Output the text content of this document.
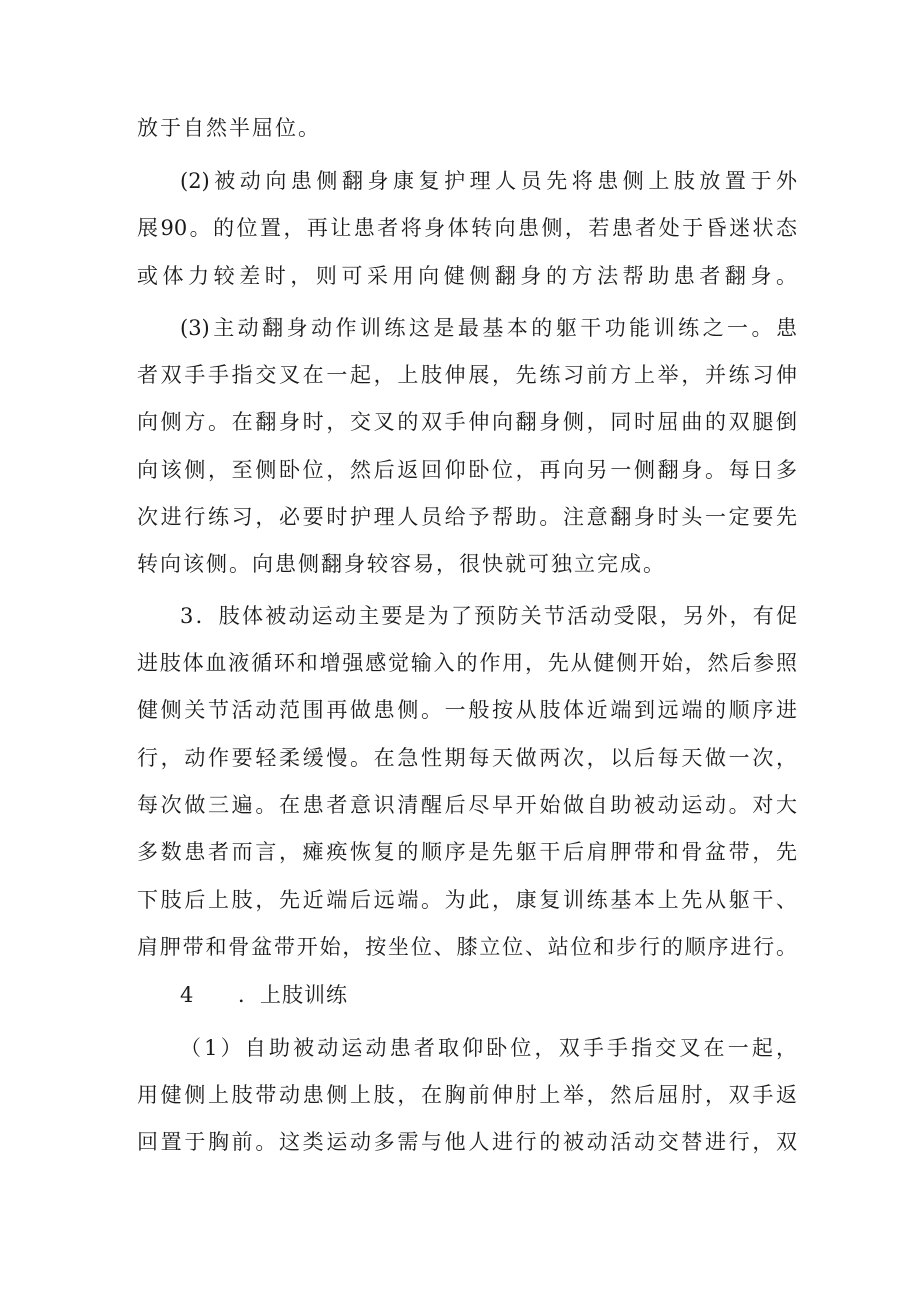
放于自然半屈位。
(2)被动向患侧翻身康复护理人员先将患侧上肢放置于外
展90。的位置，再让患者将身体转向患侧，若患者处于昏迷状态
或体力较差时，则可采用向健侧翻身的方法帮助患者翻身。
(3)主动翻身动作训练这是最基本的躯干功能训练之一。患
者双手手指交叉在一起，上肢伸展，先练习前方上举，并练习伸
向侧方。在翻身时，交叉的双手伸向翻身侧，同时屈曲的双腿倒
向该侧，至侧卧位，然后返回仰卧位，再向另一侧翻身。每日多
次进行练习，必要时护理人员给予帮助。注意翻身时头一定要先
转向该侧。向患侧翻身较容易，很快就可独立完成。
3．肢体被动运动主要是为了预防关节活动受限，另外，有促
进肢体血液循环和增强感觉输入的作用，先从健侧开始，然后参照
健侧关节活动范围再做患侧。一般按从肢体近端到远端的顺序进
行，动作要轻柔缓慢。在急性期每天做两次，以后每天做一次，
每次做三遍。在患者意识清醒后尽早开始做自助被动运动。对大
多数患者而言，瘫痪恢复的顺序是先躯干后肩胛带和骨盆带，先
下肢后上肢，先近端后远端。为此，康复训练基本上先从躯干、
肩胛带和骨盆带开始，按坐位、膝立位、站位和步行的顺序进行。
4 ．上肢训练
（1）自助被动运动患者取仰卧位，双手手指交叉在一起，
用健侧上肢带动患侧上肢，在胸前伸肘上举，然后屈肘，双手返
回置于胸前。这类运动多需与他人进行的被动活动交替进行，双
